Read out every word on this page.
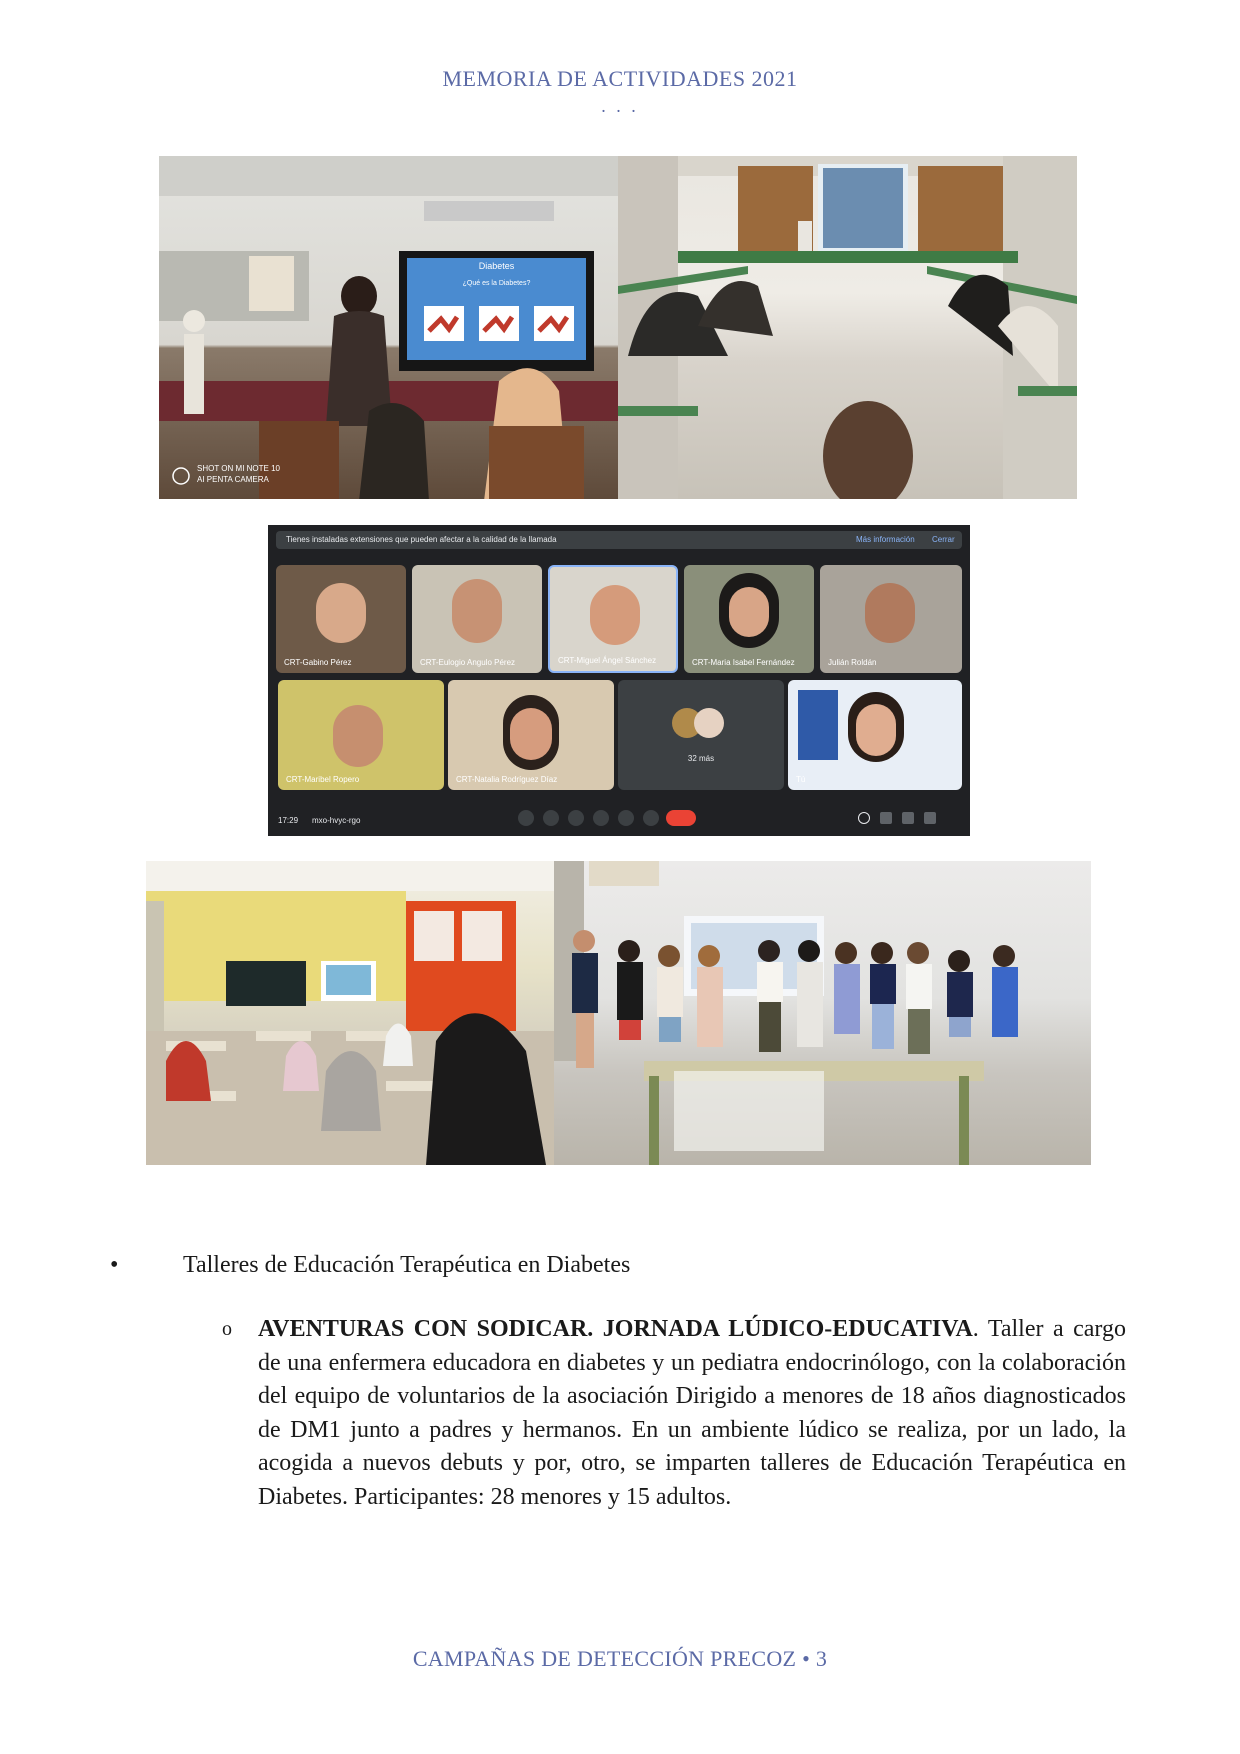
MEMORIA DE ACTIVIDADES 2021
. . .
SHOT ON MI NOTE 10
AI PENTA CAMERA
Diabetes
¿Qué es la Diabetes?
Tienes instaladas extensiones que pueden afectar a la calidad de la llamada	Más información Cerrar
CRT-Gabino Pérez	CRT-Eulogio Angulo Pérez	CRT-Miguel Ángel Sánchez	CRT-Maria Isabel Fernández	Julián Roldán
CRT-Maribel Ropero	CRT-Natalia Rodríguez Díaz
32 más
Tú
17:29 mxo-hvyc-rgo
•	Talleres de Educación Terapéutica en Diabetes
o AVENTURAS CON SODICAR. JORNADA LÚDICO-EDUCATIVA. Taller a cargo de una enfermera educadora en diabetes y un pediatra endocrinólogo, con la colaboración del equipo de voluntarios de la asociación Dirigido a menores de 18 años diagnosticados de DM1 junto a padres y hermanos. En un ambiente lúdico se realiza, por un lado, la acogida a nuevos debuts y por, otro, se imparten talleres de Educación Terapéutica en Diabetes. Participantes: 28 menores y 15 adultos.
CAMPAÑAS DE DETECCIÓN PRECOZ • 3
